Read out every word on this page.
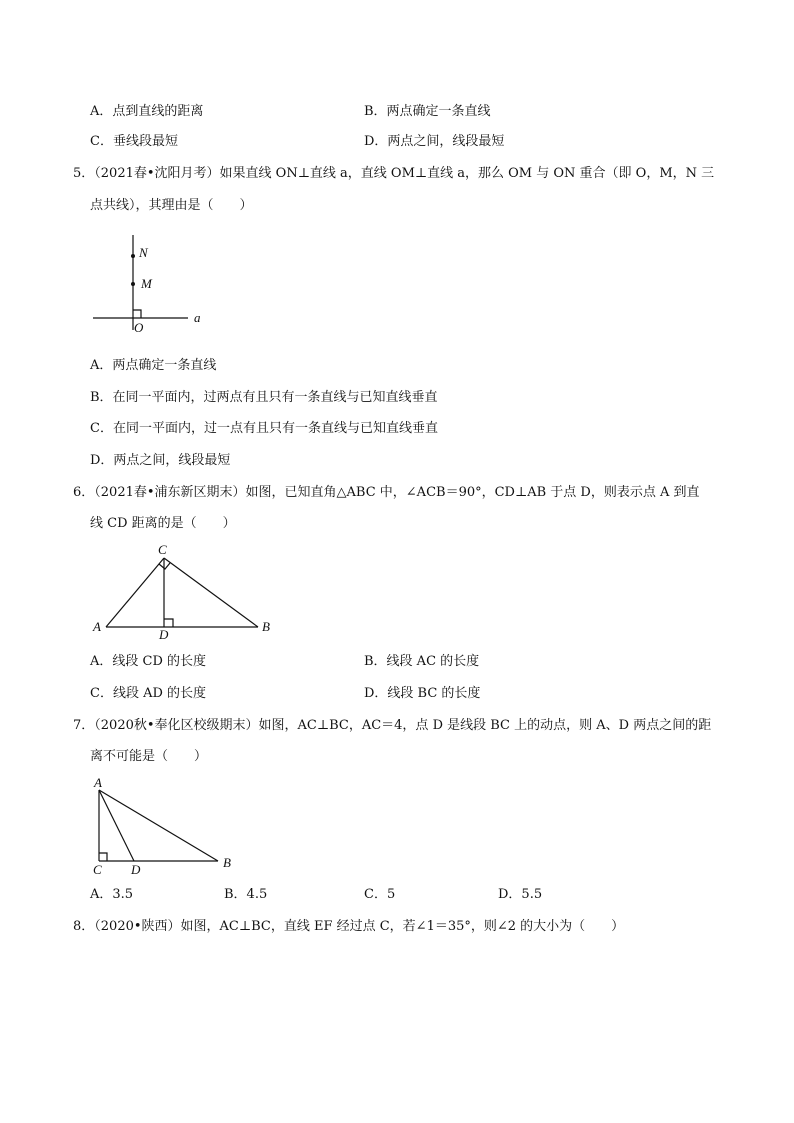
A．点到直线的距离	B．两点确定一条直线
C．垂线段最短	D．两点之间，线段最短
5．（2021春•沈阳月考）如果直线 ON⊥直线 a，直线 OM⊥直线 a，那么 OM 与 ON 重合（即 O，M，N 三
点共线），其理由是（　　）
N
M
O
a
A．两点确定一条直线
B．在同一平面内，过两点有且只有一条直线与已知直线垂直
C．在同一平面内，过一点有且只有一条直线与已知直线垂直
D．两点之间，线段最短
6．（2021春•浦东新区期末）如图，已知直角△ABC 中，∠ACB＝90°，CD⊥AB 于点 D，则表示点 A 到直
线 CD 距离的是（　　）
C
A
D
B
A．线段 CD 的长度	B．线段 AC 的长度
C．线段 AD 的长度	D．线段 BC 的长度
7．（2020秋•奉化区校级期末）如图，AC⊥BC，AC＝4，点 D 是线段 BC 上的动点，则 A、D 两点之间的距
离不可能是（　　）
A
C D	B
A．3.5	B．4.5	C．5	D．5.5
8．（2020•陕西）如图，AC⊥BC，直线 EF 经过点 C，若∠1＝35°，则∠2 的大小为（　　）
